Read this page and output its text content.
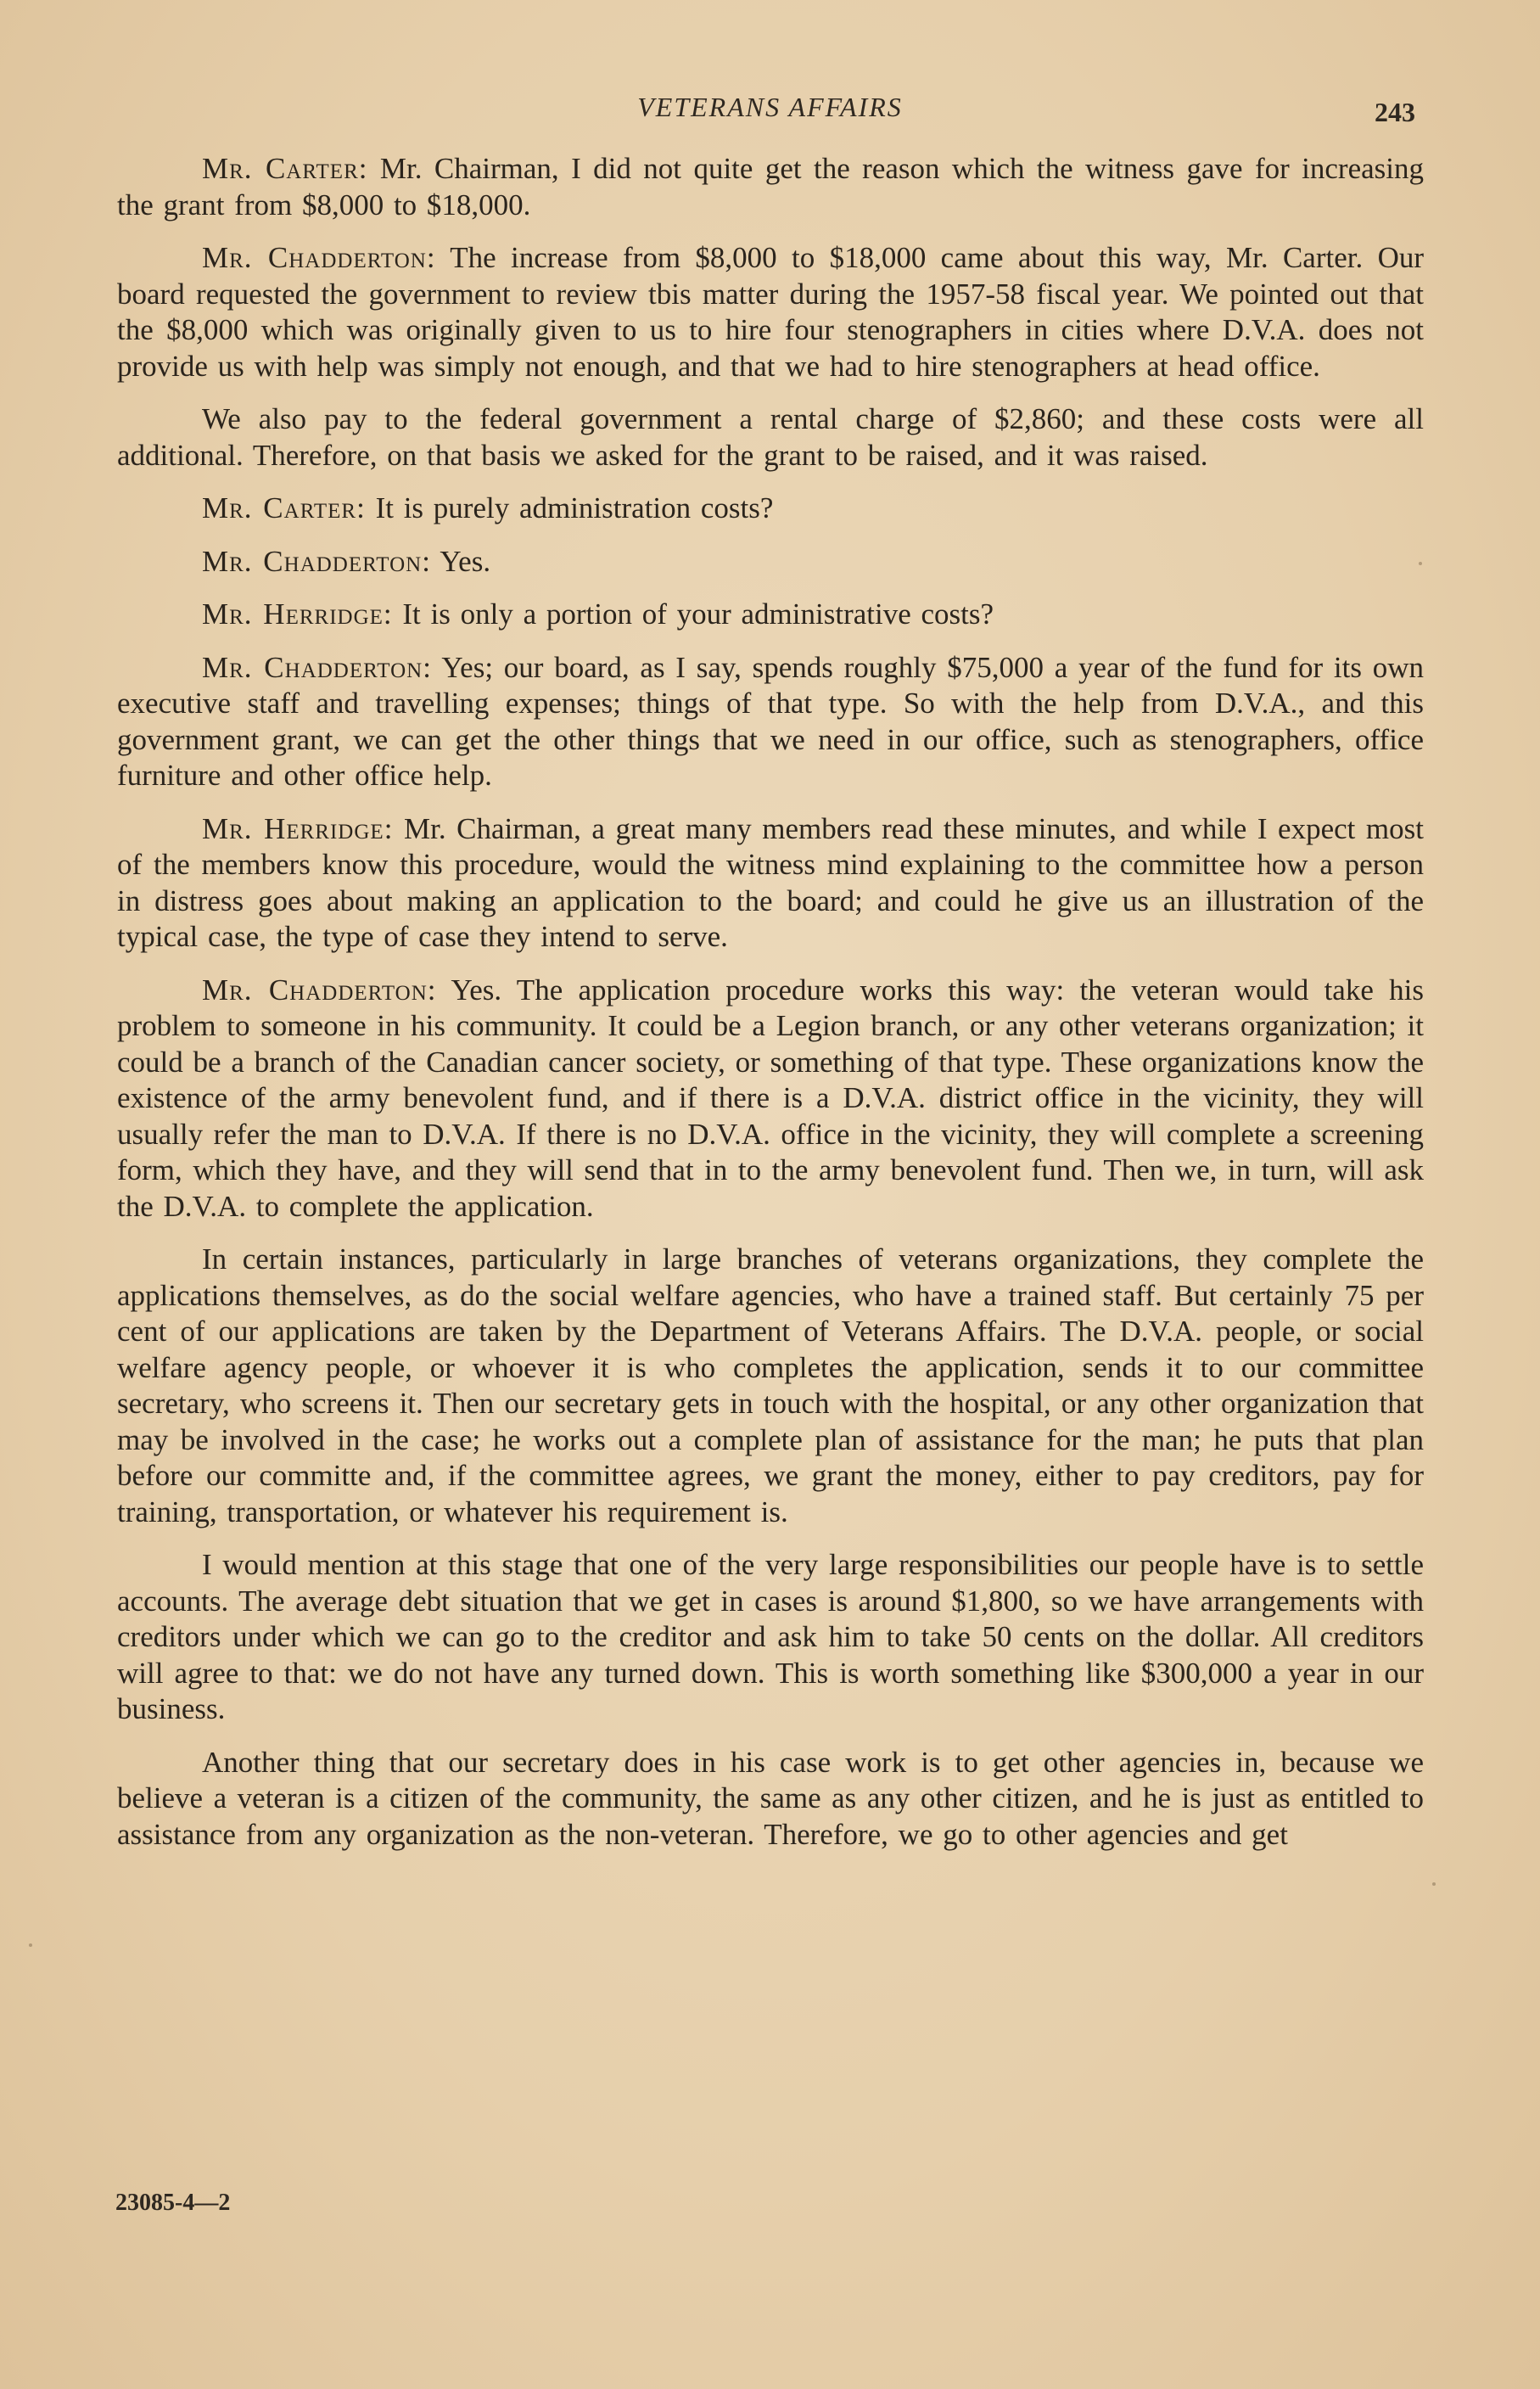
VETERANS AFFAIRS	243

Mr. Carter: Mr. Chairman, I did not quite get the reason which the witness gave for increasing the grant from $8,000 to $18,000.

Mr. Chadderton: The increase from $8,000 to $18,000 came about this way, Mr. Carter. Our board requested the government to review tbis matter during the 1957-58 fiscal year. We pointed out that the $8,000 which was originally given to us to hire four stenographers in cities where D.V.A. does not provide us with help was simply not enough, and that we had to hire stenographers at head office.

We also pay to the federal government a rental charge of $2,860; and these costs were all additional. Therefore, on that basis we asked for the grant to be raised, and it was raised.

Mr. Carter: It is purely administration costs?

Mr. Chadderton: Yes.

Mr. Herridge: It is only a portion of your administrative costs?

Mr. Chadderton: Yes; our board, as I say, spends roughly $75,000 a year of the fund for its own executive staff and travelling expenses; things of that type. So with the help from D.V.A., and this government grant, we can get the other things that we need in our office, such as stenographers, office furniture and other office help.

Mr. Herridge: Mr. Chairman, a great many members read these minutes, and while I expect most of the members know this procedure, would the witness mind explaining to the committee how a person in distress goes about making an application to the board; and could he give us an illustration of the typical case, the type of case they intend to serve.

Mr. Chadderton: Yes. The application procedure works this way: the veteran would take his problem to someone in his community. It could be a Legion branch, or any other veterans organization; it could be a branch of the Canadian cancer society, or something of that type. These organizations know the existence of the army benevolent fund, and if there is a D.V.A. district office in the vicinity, they will usually refer the man to D.V.A. If there is no D.V.A. office in the vicinity, they will complete a screening form, which they have, and they will send that in to the army benevolent fund. Then we, in turn, will ask the D.V.A. to complete the application.

In certain instances, particularly in large branches of veterans organizations, they complete the applications themselves, as do the social welfare agencies, who have a trained staff. But certainly 75 per cent of our applications are taken by the Department of Veterans Affairs. The D.V.A. people, or social welfare agency people, or whoever it is who completes the application, sends it to our committee secretary, who screens it. Then our secretary gets in touch with the hospital, or any other organization that may be involved in the case; he works out a complete plan of assistance for the man; he puts that plan before our committe and, if the committee agrees, we grant the money, either to pay creditors, pay for training, transportation, or whatever his requirement is.

I would mention at this stage that one of the very large responsibilities our people have is to settle accounts. The average debt situation that we get in cases is around $1,800, so we have arrangements with creditors under which we can go to the creditor and ask him to take 50 cents on the dollar. All creditors will agree to that: we do not have any turned down. This is worth something like $300,000 a year in our business.

Another thing that our secretary does in his case work is to get other agencies in, because we believe a veteran is a citizen of the community, the same as any other citizen, and he is just as entitled to assistance from any organization as the non-veteran. Therefore, we go to other agencies and get

23085-4—2
